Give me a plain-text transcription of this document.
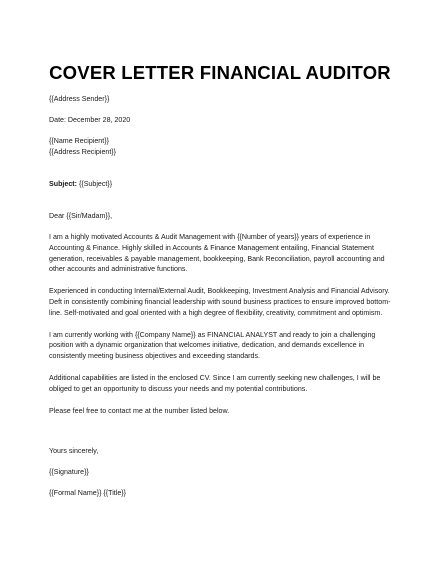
COVER LETTER FINANCIAL AUDITOR
{{Address Sender}}
Date: December 28, 2020
{{Name Recipient}}
{{Address Recipient}}
Subject: {{Subject}}
Dear {{Sir/Madam}},
I am a highly motivated Accounts & Audit Management with {{Number of years}} years of experience in Accounting & Finance. Highly skilled in Accounts & Finance Management entailing, Financial Statement generation, receivables & payable management, bookkeeping, Bank Reconciliation, payroll accounting and other accounts and administrative functions.
Experienced in conducting Internal/External Audit, Bookkeeping, Investment Analysis and Financial Advisory. Deft in consistently combining financial leadership with sound business practices to ensure improved bottom-line. Self-motivated and goal oriented with a high degree of flexibility, creativity, commitment and optimism.
I am currently working with {{Company Name}} as FINANCIAL ANALYST and ready to join a challenging position with a dynamic organization that welcomes initiative, dedication, and demands excellence in consistently meeting business objectives and exceeding standards.
Additional capabilities are listed in the enclosed CV. Since I am currently seeking new challenges, I will be obliged to get an opportunity to discuss your needs and my potential contributions.
Please feel free to contact me at the number listed below.
Yours sincerely,
{{Signature}}
{{Formal Name}} {{Title}}
